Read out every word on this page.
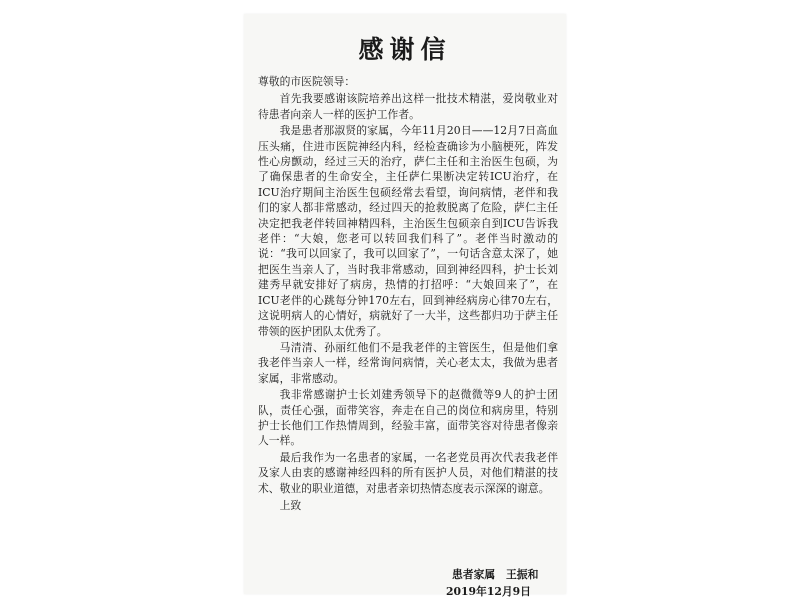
感谢信

尊敬的市医院领导：

首先我要感谢该院培养出这样一批技术精湛，爱岗敬业对待患者向亲人一样的医护工作者。

我是患者那淑贤的家属，今年11月20日——12月7日高血压头痛，住进市医院神经内科，经检查确诊为小脑梗死，阵发性心房颤动，经过三天的治疗，萨仁主任和主治医生包硕，为了确保患者的生命安全，主任萨仁果断决定转ICU治疗，在ICU治疗期间主治医生包硕经常去看望，询问病情，老伴和我们的家人都非常感动，经过四天的抢救脱离了危险，萨仁主任决定把我老伴转回神精四科，主治医生包硕亲自到ICU告诉我老伴：“大娘，您老可以转回我们科了”。老伴当时激动的说：“我可以回家了，我可以回家了”，一句话含意太深了，她把医生当亲人了，当时我非常感动，回到神经四科，护士长刘建秀早就安排好了病房，热情的打招呼：“大娘回来了”，在ICU老伴的心跳每分钟170左右，回到神经病房心律70左右，这说明病人的心情好，病就好了一大半，这些都归功于萨主任带领的医护团队太优秀了。

马清清、孙丽红他们不是我老伴的主管医生，但是他们拿我老伴当亲人一样，经常询问病情，关心老太太，我做为患者家属，非常感动。

我非常感谢护士长刘建秀领导下的赵微微等9人的护士团队，责任心强，面带笑容，奔走在自己的岗位和病房里，特别护士长他们工作热情周到，经验丰富，面带笑容对待患者像亲人一样。

最后我作为一名患者的家属，一名老党员再次代表我老伴及家人由衷的感谢神经四科的所有医护人员，对他们精湛的技术、敬业的职业道德，对患者亲切热情态度表示深深的谢意。

上致

患者家属　王振和
2019年12月9日
